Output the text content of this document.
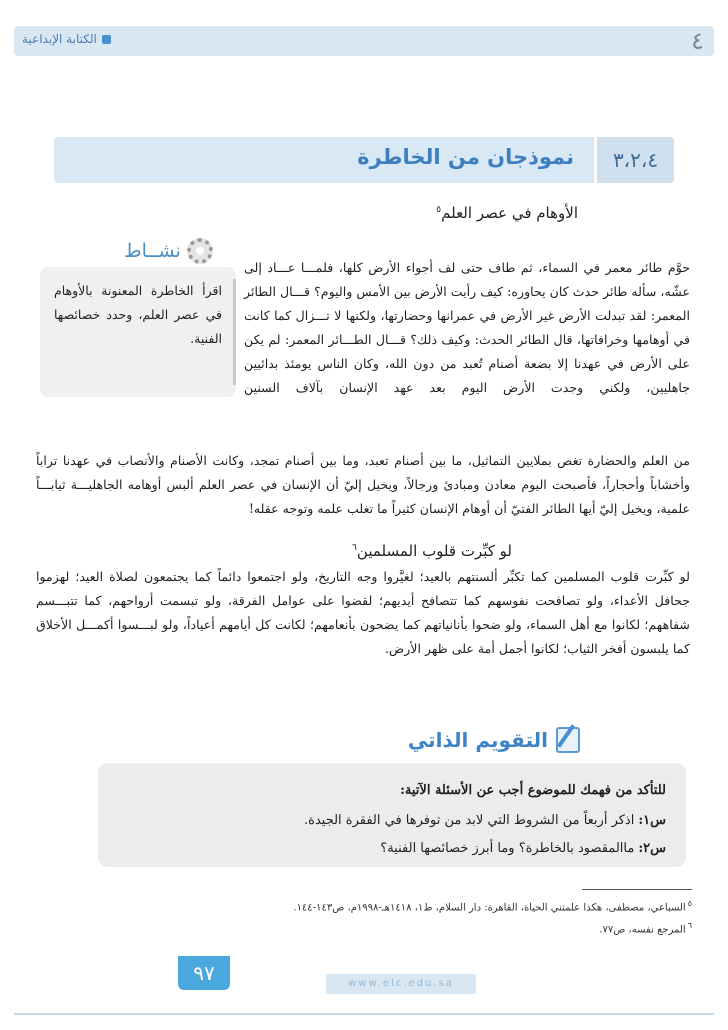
٤
الكتابة الإبداعية
٣،٢،٤
نموذجان من الخاطرة
الأوهام في عصر العلم$^٥$
نشــاط
اقرأ الخاطرة المعنونة بالأوهام في عصر العلم، وحدد خصائصها الفنية.

حوَّم طائر معمر في السماء، ثم طاف حتى لف أجواء الأرض كلها، فلمـــا عـــاد إلى عشّه، سأله طائر حدث كان يحاوره: كيف رأيت الأرض بين الأمس واليوم؟ قـــال الطائر المعمر: لقد تبدلت الأرض غير الأرض في عمرانها وحضارتها، ولكنها لا تـــزال كما كانت في أوهامها وخرافاتها، قال الطائر الحدث: وكيف ذلك؟ قـــال الطـــائر المعمر: لم يكن على الأرض في عهدنا إلا بضعة أصنام تُعبد من دون الله، وكان الناس يومئذ بدائيين جاهليين، ولكني وجدت الأرض اليوم بعد عهد الإنسان بآلاف السنين

من العلم والحضارة تغص بملايين التماثيل، ما بين أصنام تعبد، وما بين أصنام تمجد، وكانت الأصنام والأنصاب في عهدنا تراباً وأخشاباً وأحجاراً، فأصبحت اليوم معادن ومبادئ ورجالاً، ويخيل إليّ أن الإنسان في عصر العلم ألبس أوهامه الجاهليـــة ثيابـــاً علمية، ويخيل إليّ أيها الطائر الفتيّ أن أوهام الإنسان كثيراً ما تغلب علمه وتوجه عقله!

لو كبِّرت قلوب المسلمين$^٦$

لو كبِّرت قلوب المسلمين كما تكبِّر ألسنتهم بالعيد؛ لغيَّروا وجه التاريخ، ولو اجتمعوا دائماً كما يجتمعون لصلاة العيد؛ لهزموا جحافل الأعداء، ولو تصافحت نفوسهم كما تتصافح أيديهم؛ لقضوا على عوامل الفرقة، ولو تبسمت أرواحهم، كما تتبـــسم شفاههم؛ لكانوا مع أهل السماء، ولو ضحوا بأنانياتهم كما يضحون بأنعامهم؛ لكانت كل أيامهم أعياداً، ولو لبـــسوا أكمـــل الأخلاق كما يلبسون أفخر الثياب؛ لكانوا أجمل أمة على ظهر الأرض.

التقويم الذاتي
للتأكد من فهمك للموضوع أجب عن الأسئلة الآتية:
س١:اذكر أربعاً من الشروط التي لابد من توفرها في الفقرة الجيدة.
س٢:ماالمقصود بالخاطرة؟ وما أبرز خصائصها الفنية؟
$^٥$السباعي، مصطفى، هكذا علمتني الحياة، القاهرة: دار السلام، ط١، ١٤١٨هـ-١٩٩٨م، ص١٤٣-١٤٤.
$^٦$المرجع نفسه، ص٧٧.
٩٧	www.elc.edu.sa
